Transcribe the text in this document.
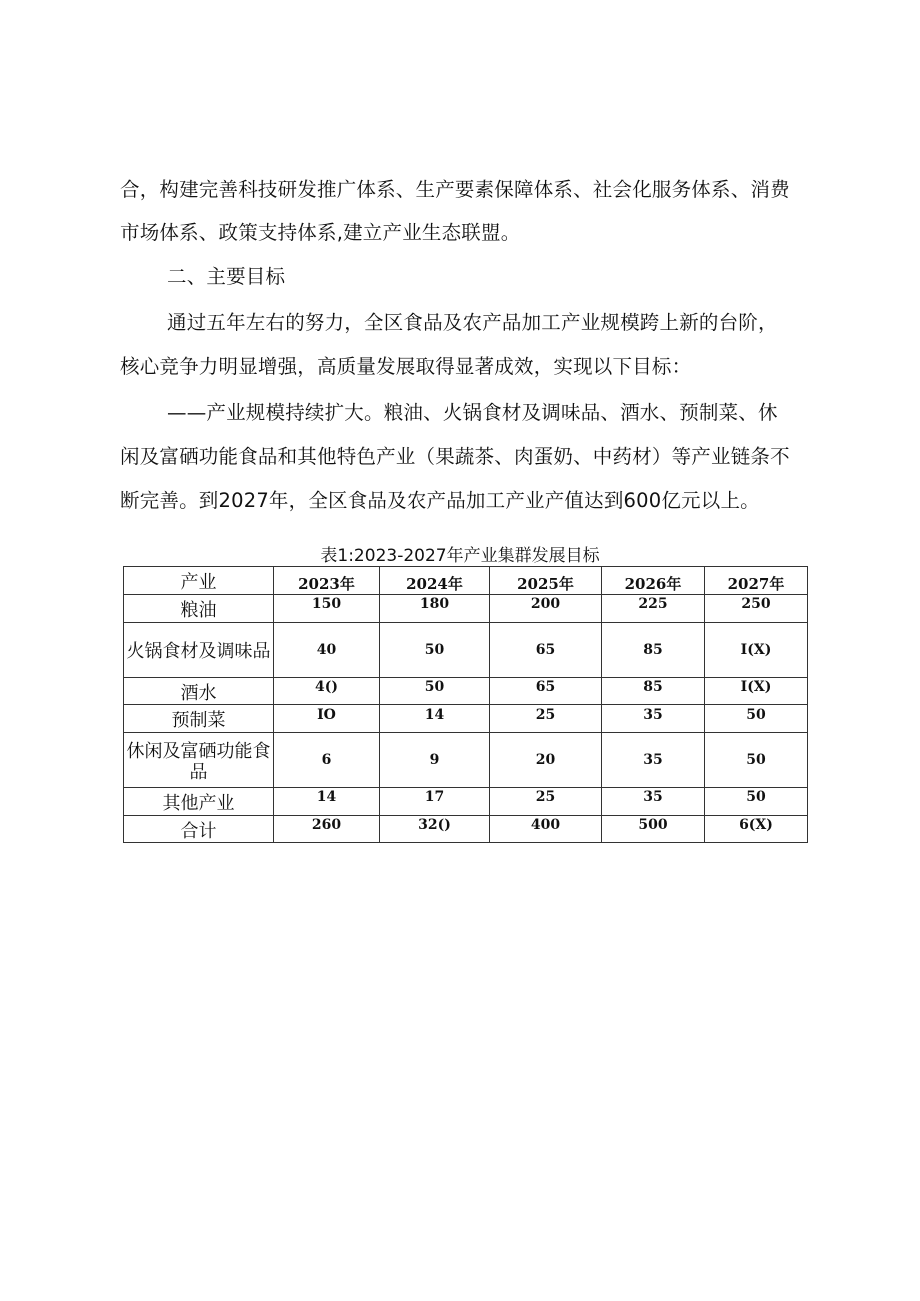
合，构建完善科技研发推广体系、生产要素保障体系、社会化服务体系、消费
市场体系、政策支持体系,建立产业生态联盟。
二、主要目标
通过五年左右的努力，全区食品及农产品加工产业规模跨上新的台阶，
核心竞争力明显增强，高质量发展取得显著成效，实现以下目标：
——产业规模持续扩大。粮油、火锅食材及调味品、酒水、预制菜、休
闲及富硒功能食品和其他特色产业（果蔬茶、肉蛋奶、中药材）等产业链条不
断完善。到2027年，全区食品及农产品加工产业产值达到600亿元以上。
表1:2023-2027年产业集群发展目标
产业	2023年	2024年	2025年	2026年	2027年

粮油	150	180	200	225	250

火锅食材及调味品	40	50	65	85	I(X)

酒水	4()	50	65	85	I(X)

预制菜	IO	14	25	35	50

休闲及富硒功能食品	6	9	20	35	50

其他产业	14	17	25	35	50

合计	260	32()	400	500	6(X)
